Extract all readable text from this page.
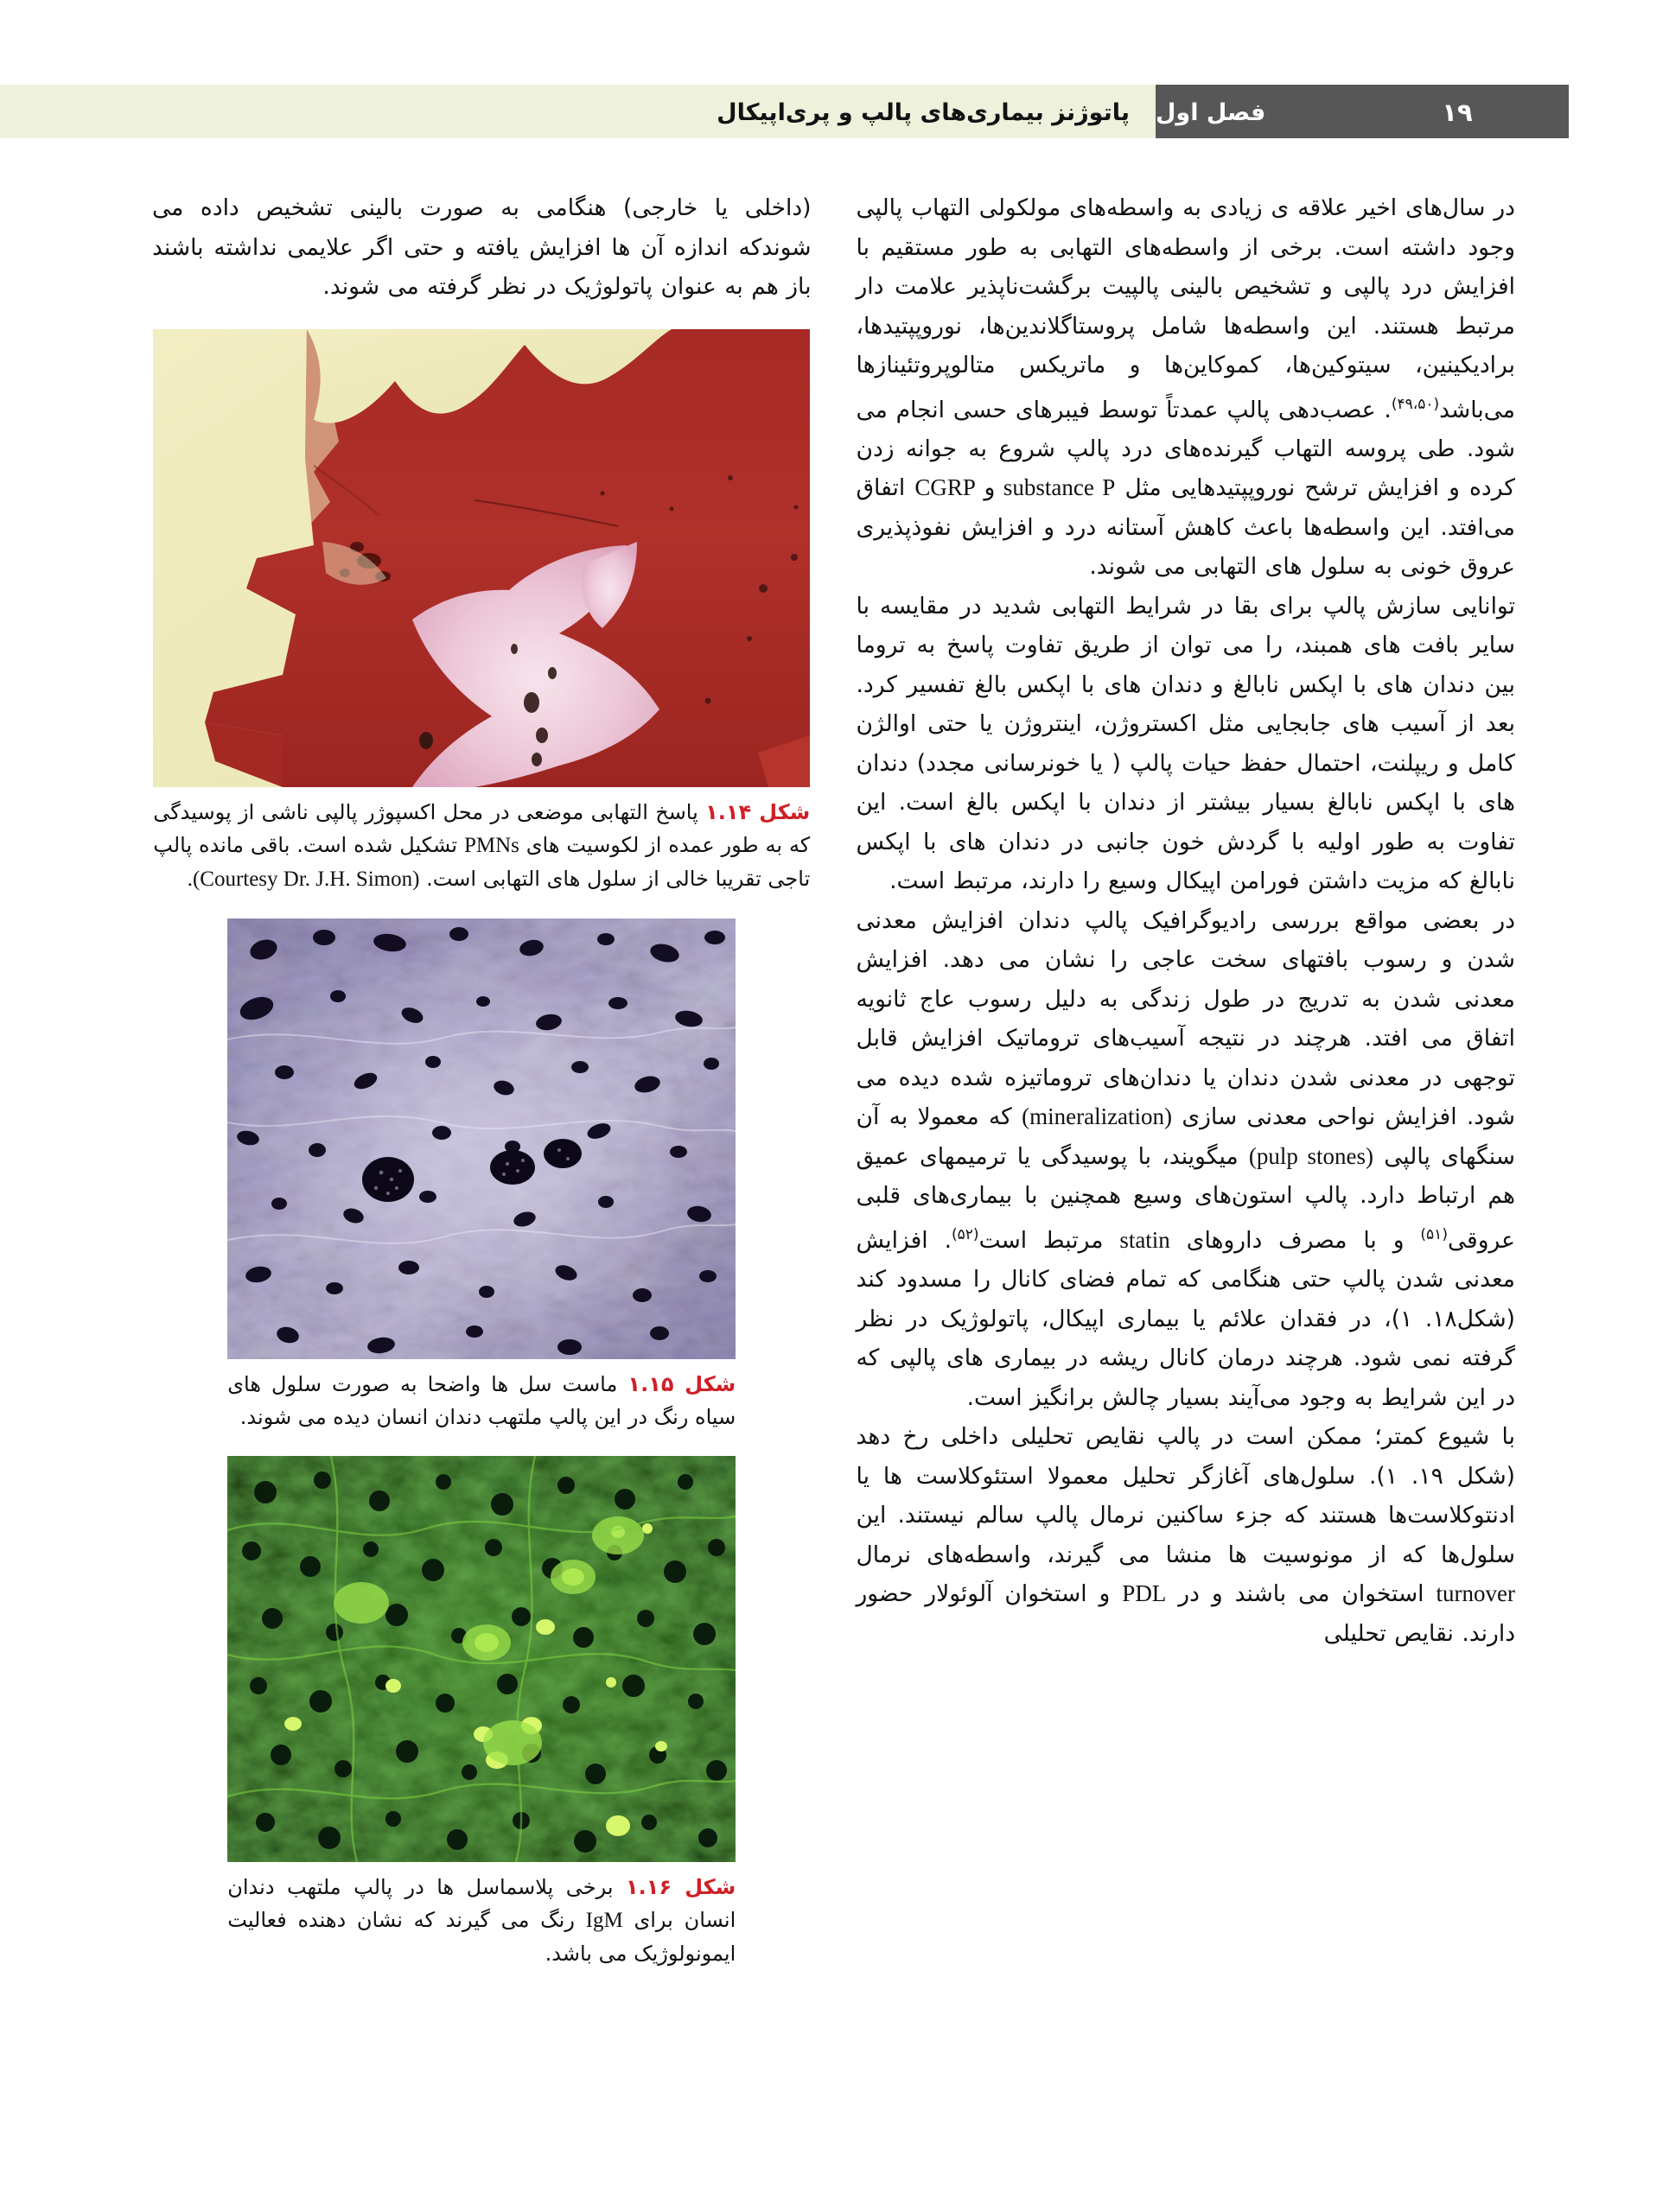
۱۹
فصل اول
پاتوژنز بیماری‌های پالپ و پری‌اپیکال

در سال‌های اخیر علاقه ی زیادی به واسطه‌های مولکولی التهاب پالپی وجود داشته است. برخی از واسطه‌های التهابی به طور مستقیم با افزایش درد پالپی و تشخیص بالینی پالپیت برگشت‌ناپذیر علامت دار مرتبط هستند. این واسطه‌ها شامل پروستاگلاندین‌ها، نوروپپتیدها، برادیکینین، سیتوکین‌ها، کموکاین‌ها و ماتریکس متالوپروتئینازها می‌باشد$^{(۴۹،۵۰)}$. عصب‌دهی پالپ عمدتاً توسط فیبرهای حسی انجام می شود. طی پروسه التهاب گیرنده‌های درد پالپ شروع به جوانه زدن کرده و افزایش ترشح نوروپپتیدهایی مثل substance P و CGRP اتفاق می‌افتد. این واسطه‌ها باعث کاهش آستانه درد و افزایش نفوذپذیری عروق خونی به سلول های التهابی می شوند.

توانایی سازش پالپ برای بقا در شرایط التهابی شدید در مقایسه با سایر بافت های همبند، را می توان از طریق تفاوت پاسخ به تروما بین دندان های با اپکس نابالغ و دندان های با اپکس بالغ تفسیر کرد. بعد از آسیب های جابجایی مثل اکستروژن، اینتروژن یا حتی اوالژن کامل و ریپلنت، احتمال حفظ حیات پالپ ( یا خونرسانی مجدد) دندان های با اپکس نابالغ بسیار بیشتر از دندان با اپکس بالغ است. این تفاوت به طور اولیه با گردش خون جانبی در دندان های با اپکس نابالغ که مزیت داشتن فورامن اپیکال وسیع را دارند، مرتبط است.

در بعضی مواقع بررسی رادیوگرافیک پالپ دندان افزایش معدنی شدن و رسوب بافتهای سخت عاجی را نشان می دهد. افزایش معدنی شدن به تدریج در طول زندگی به دلیل رسوب عاج ثانویه اتفاق می افتد. هرچند در نتیجه آسیب‌های تروماتیک افزایش قابل توجهی در معدنی شدن دندان یا دندان‌های تروماتیزه شده دیده می شود. افزایش نواحی معدنی سازی (mineralization) که معمولا به آن سنگهای پالپی (pulp stones) میگویند، با پوسیدگی یا ترمیمهای عمیق هم ارتباط دارد. پالپ استون‌های وسیع همچنین با بیماری‌های قلبی عروقی$^{(۵۱)}$ و با مصرف داروهای statin مرتبط است$^{(۵۲)}$. افزایش معدنی شدن پالپ حتی هنگامی که تمام فضای کانال را مسدود کند (شکل۱۸. ۱)، در فقدان علائم یا بیماری اپیکال، پاتولوژیک در نظر گرفته نمی شود. هرچند درمان کانال ریشه در بیماری های پالپی که در این شرایط به وجود می‌آیند بسیار چالش برانگیز است.

با شیوع کمتر؛ ممکن است در پالپ نقایص تحلیلی داخلی رخ دهد (شکل ۱۹. ۱). سلول‌های آغازگر تحلیل معمولا استئوکلاست ها یا ادنتوکلاست‌ها هستند که جزء ساکنین نرمال پالپ سالم نیستند. این سلول‌ها که از مونوسیت ها منشا می گیرند، واسطه‌های نرمال turnover استخوان می باشند و در PDL و استخوان آلوئولار حضور دارند. نقایص تحلیلی

(داخلی یا خارجی) هنگامی به صورت بالینی تشخیص داده می شوندکه اندازه آن ها افزایش یافته و حتی اگر علایمی نداشته باشند باز هم به عنوان پاتولوژیک در نظر گرفته می شوند.

شکل ۱.۱۴ پاسخ التهابی موضعی در محل اکسپوژر پالپی ناشی از پوسیدگی که به طور عمده از لکوسیت های PMNs تشکیل شده است. باقی مانده پالپ تاجی تقریبا خالی از سلول های التهابی است. (Courtesy Dr. J.H. Simon).
شکل ۱.۱۵ ماست سل ها واضحا به صورت سلول های سیاه رنگ در این پالپ ملتهب دندان انسان دیده می شوند.
شکل ۱.۱۶ برخی پلاسماسل ها در پالپ ملتهب دندان انسان برای IgM رنگ می گیرند که نشان دهنده فعالیت ایمونولوژیک می باشد.
